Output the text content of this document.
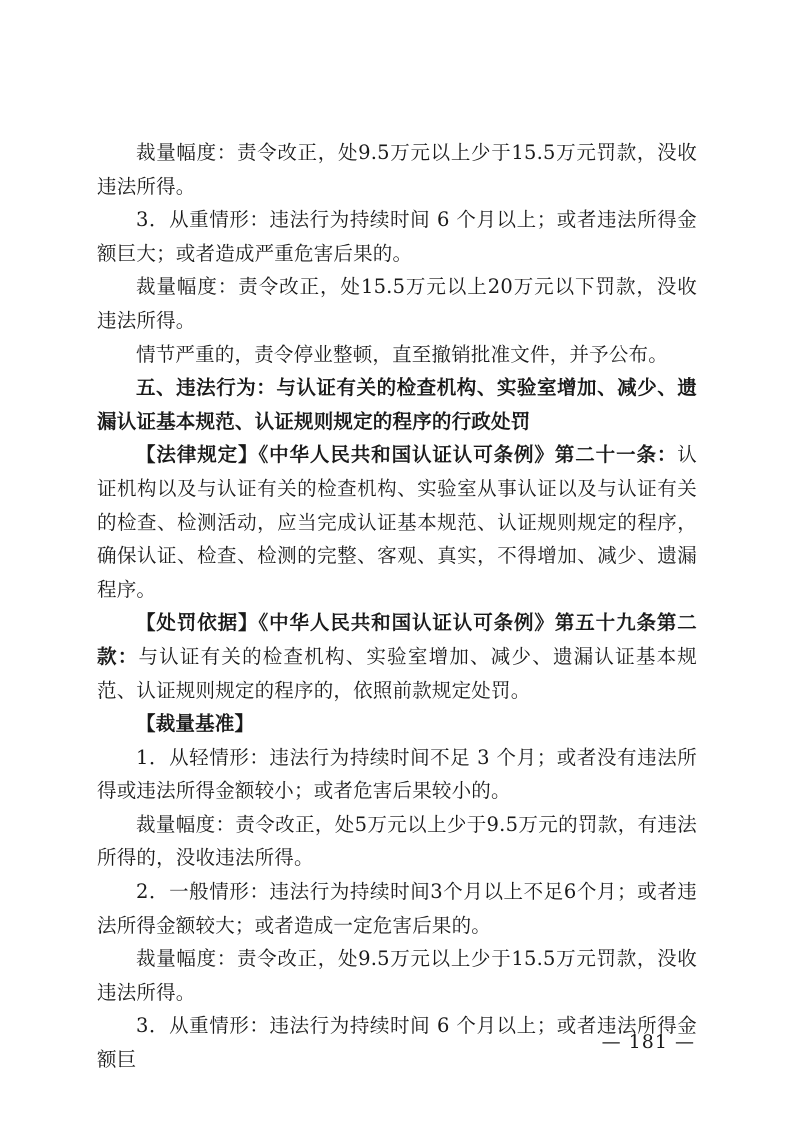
裁量幅度：责令改正，处9.5万元以上少于15.5万元罚款，没收违法所得。

3．从重情形：违法行为持续时间 6 个月以上；或者违法所得金额巨大；或者造成严重危害后果的。

裁量幅度：责令改正，处15.5万元以上20万元以下罚款，没收违法所得。

情节严重的，责令停业整顿，直至撤销批准文件，并予公布。

五、违法行为：与认证有关的检查机构、实验室增加、减少、遗漏认证基本规范、认证规则规定的程序的行政处罚

【法律规定】《中华人民共和国认证认可条例》第二十一条：认证机构以及与认证有关的检查机构、实验室从事认证以及与认证有关的检查、检测活动，应当完成认证基本规范、认证规则规定的程序，确保认证、检查、检测的完整、客观、真实，不得增加、减少、遗漏程序。

【处罚依据】《中华人民共和国认证认可条例》第五十九条第二款：与认证有关的检查机构、实验室增加、减少、遗漏认证基本规范、认证规则规定的程序的，依照前款规定处罚。

【裁量基准】

1．从轻情形：违法行为持续时间不足 3 个月；或者没有违法所得或违法所得金额较小；或者危害后果较小的。

裁量幅度：责令改正，处5万元以上少于9.5万元的罚款，有违法所得的，没收违法所得。

2．一般情形：违法行为持续时间3个月以上不足6个月；或者违法所得金额较大；或者造成一定危害后果的。

裁量幅度：责令改正，处9.5万元以上少于15.5万元罚款，没收违法所得。

3．从重情形：违法行为持续时间 6 个月以上；或者违法所得金额巨

— 181 —
